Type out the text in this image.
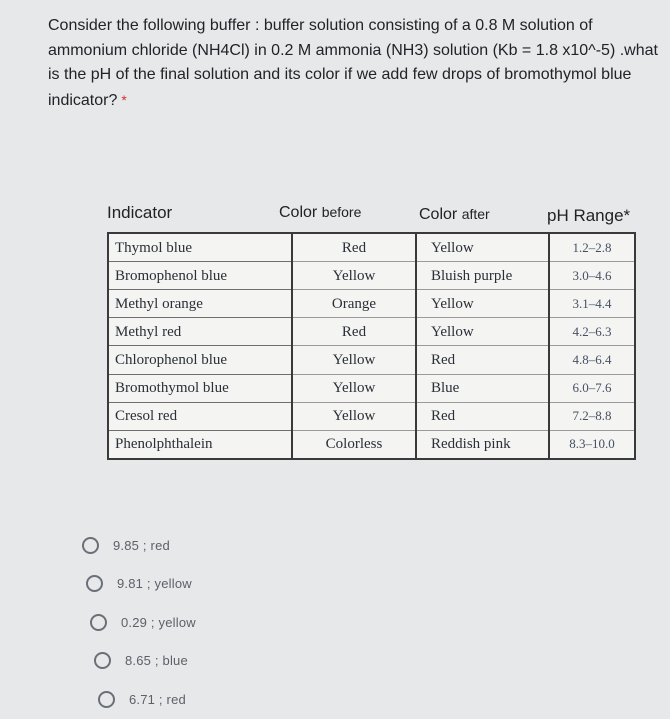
Consider the following buffer : buffer solution consisting of a 0.8 M solution of ammonium chloride (NH4Cl) in 0.2 M ammonia (NH3) solution (Kb = 1.8 x10^-5) .what is the pH of the final solution and its color if we add few drops of bromothymol blue indicator? *
Indicator	Color before	Color after	pH Range*
Thymol blue	Red	Yellow	1.2–2.8
Bromophenol blue	Yellow	Bluish purple	3.0–4.6
Methyl orange	Orange	Yellow	3.1–4.4
Methyl red	Red	Yellow	4.2–6.3
Chlorophenol blue	Yellow	Red	4.8–6.4
Bromothymol blue	Yellow	Blue	6.0–7.6
Cresol red	Yellow	Red	7.2–8.8
Phenolphthalein	Colorless	Reddish pink	8.3–10.0
9.85 ; red
9.81 ; yellow
0.29 ; yellow
8.65 ; blue
6.71 ; red
